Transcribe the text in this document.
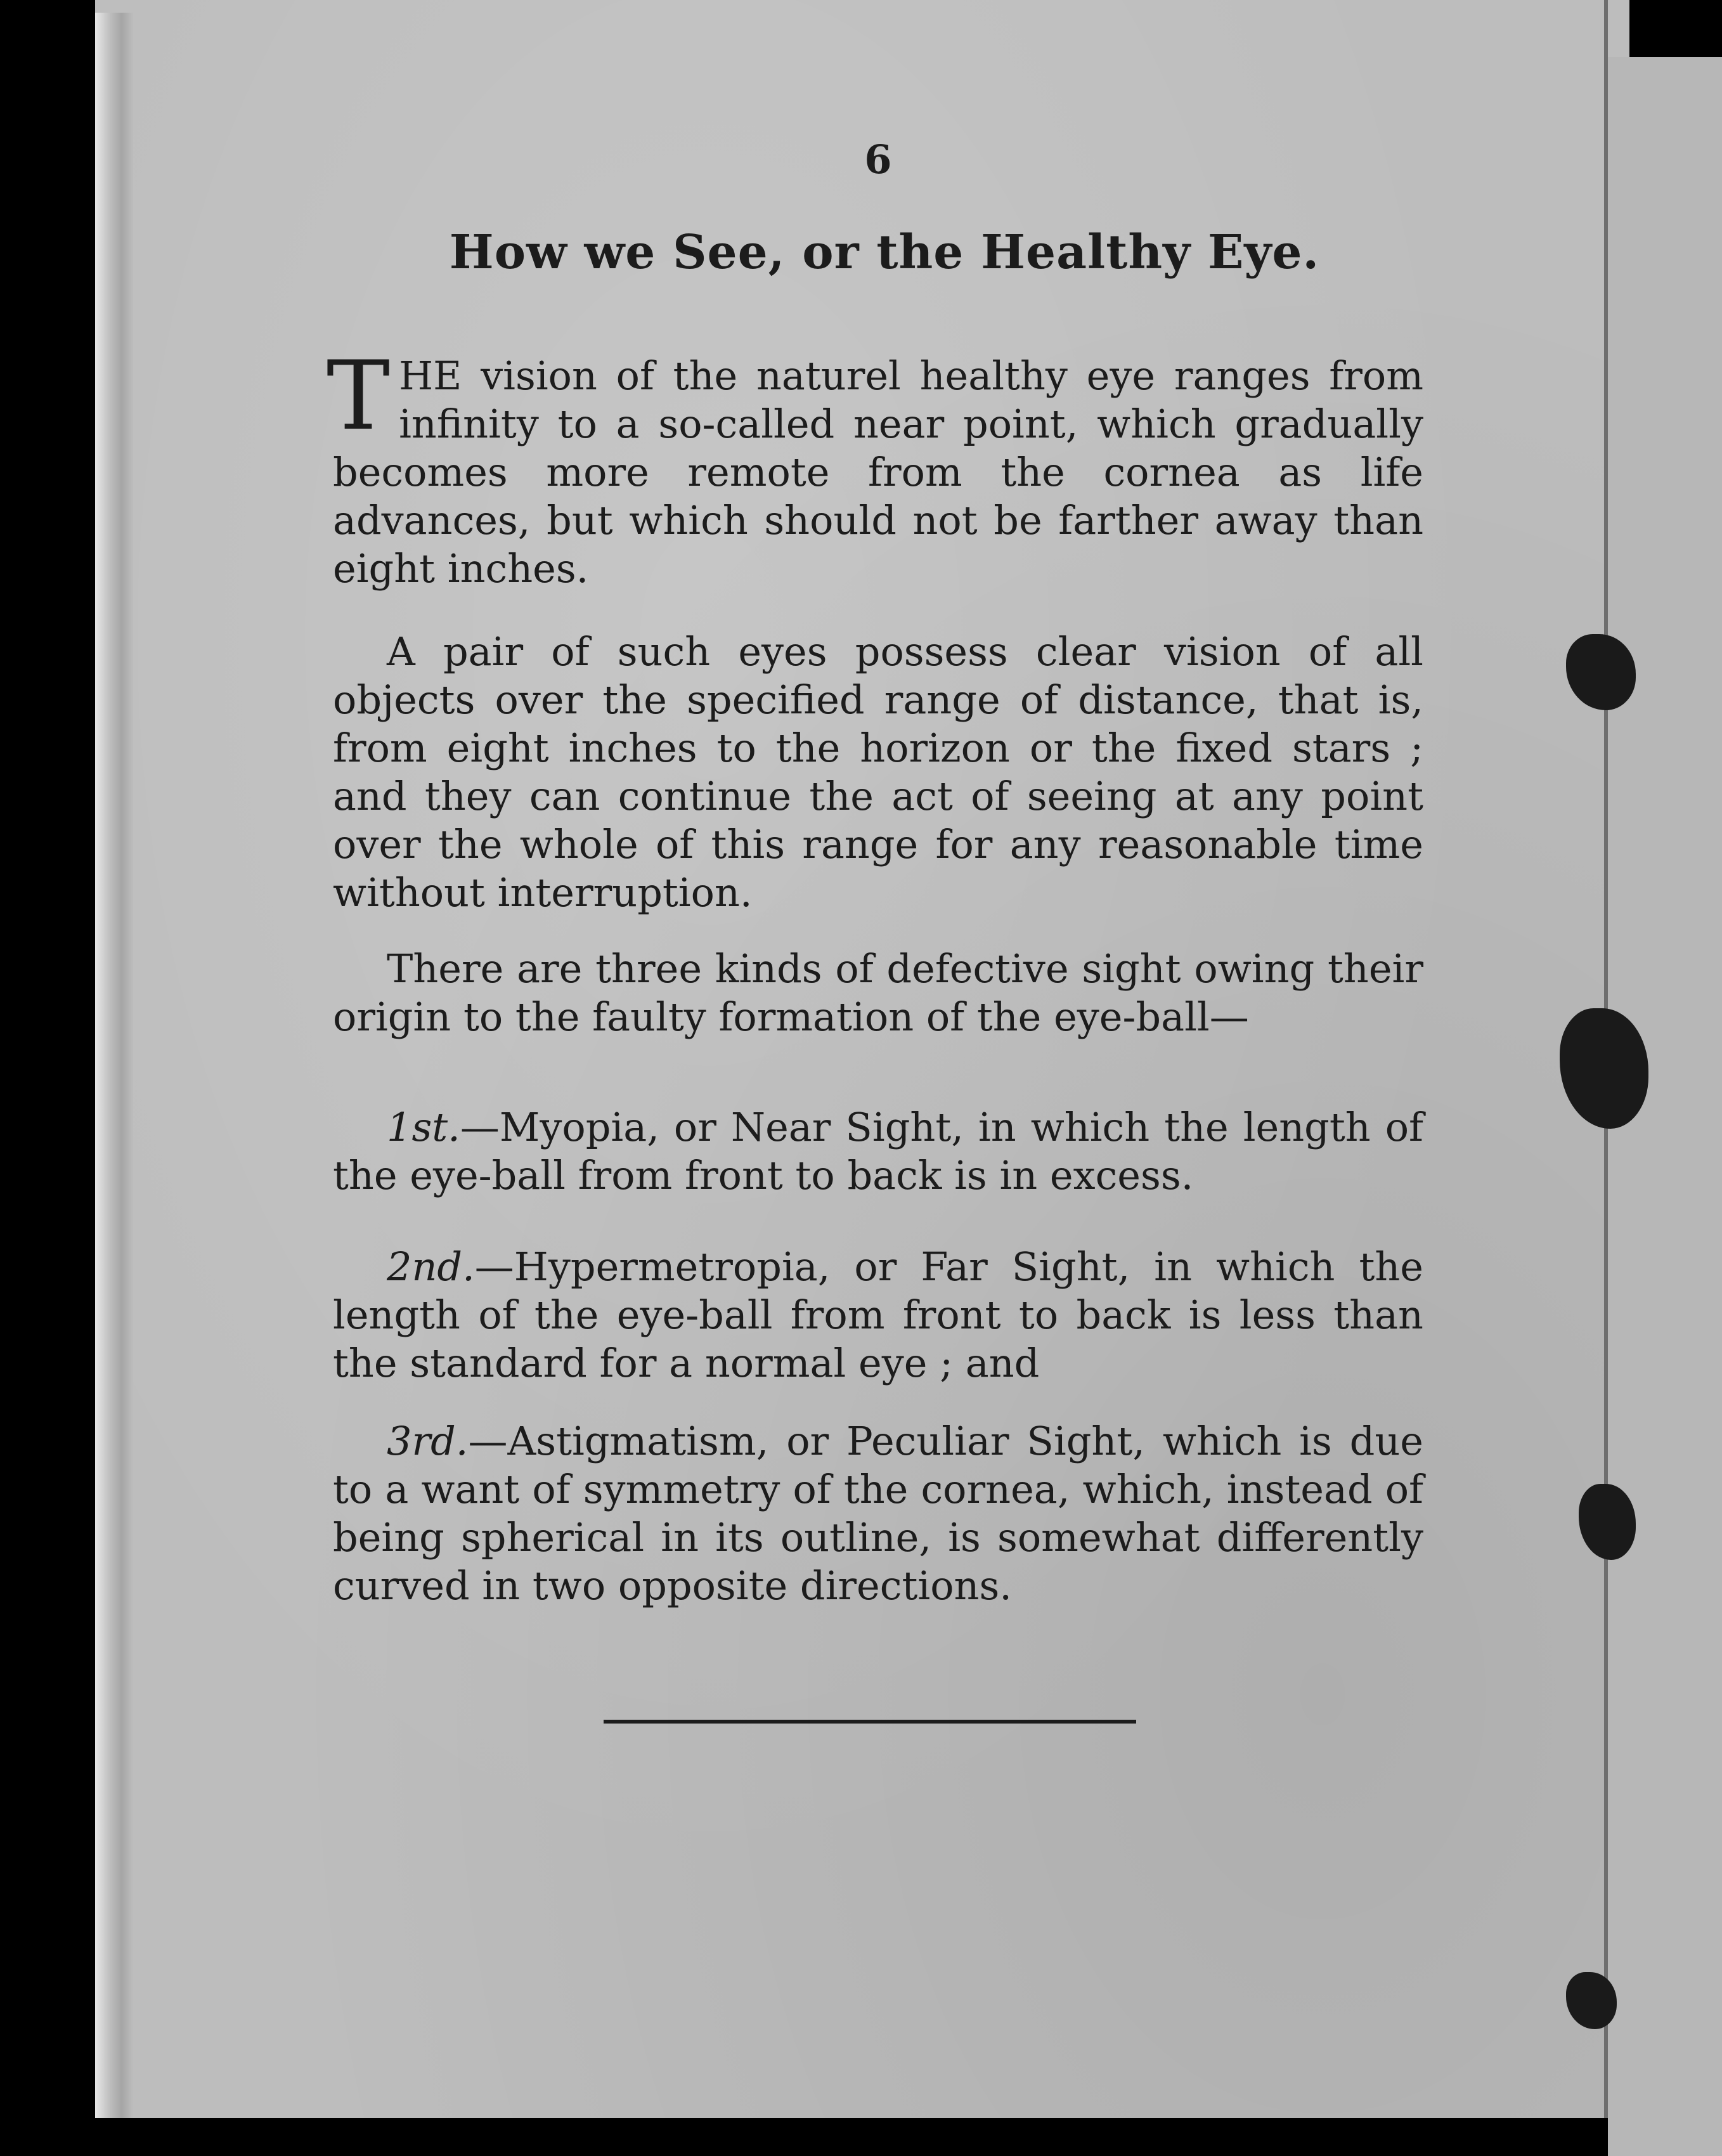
6

How we See, or the Healthy Eye.

THE vision of the naturel healthy eye ranges from infinity to a so-called near point, which gradually becomes more remote from the cornea as life advances, but which should not be farther away than eight inches.

A pair of such eyes possess clear vision of all objects over the specified range of distance, that is, from eight inches to the horizon or the fixed stars ; and they can continue the act of seeing at any point over the whole of this range for any reasonable time without interruption.

There are three kinds of defective sight owing their origin to the faulty formation of the eye-ball—

1st.—Myopia, or Near Sight, in which the length of the eye-ball from front to back is in excess.

2nd.—Hypermetropia, or Far Sight, in which the length of the eye-ball from front to back is less than the standard for a normal eye ; and

3rd.—Astigmatism, or Peculiar Sight, which is due to a want of symmetry of the cornea, which, instead of being spherical in its outline, is somewhat differently curved in two opposite directions.
